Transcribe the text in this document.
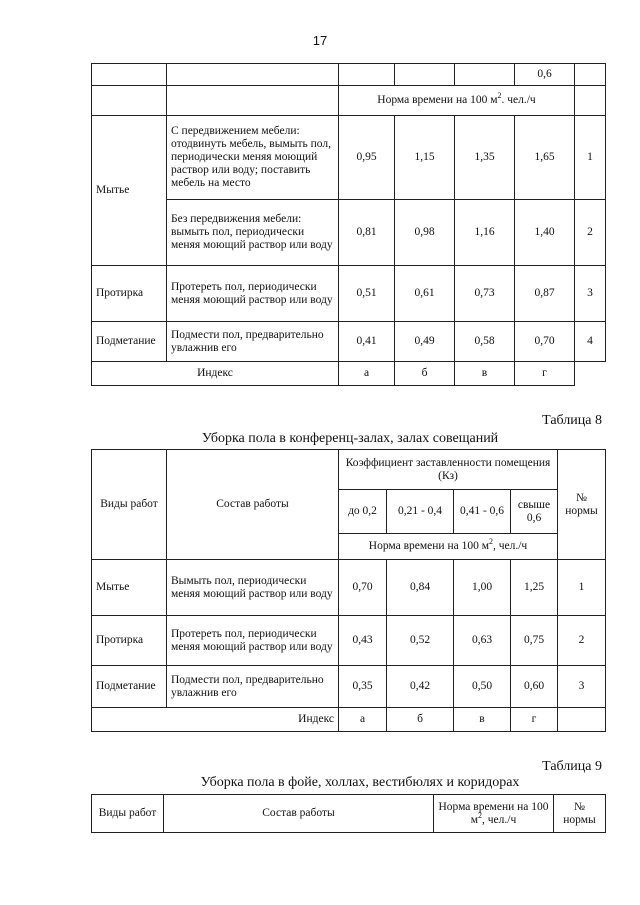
17
					0,6	
		Норма времени на 100 $м^2$. чел./ч				
Мытье	С передвижением мебели: отодвинуть мебель, вымыть пол, периодически меняя моющий раствор или воду; поставить мебель на место	0,95	1,15	1,35	1,65	1
	Без передвижения мебели: вымыть пол, периодически меняя моющий раствор или воду	0,81	0,98	1,16	1,40	2
Протирка	Протереть пол, периодически меняя моющий раствор или воду	0,51	0,61	0,73	0,87	3
Подметание	Подмести пол, предварительно увлажнив его	0,41	0,49	0,58	0,70	4
Индекс		а	б	в	г	
Таблица 8
Уборка пола в конференц-залах, залах совещаний
Виды работ	Состав работы	Коэффициент заставленности помещения (Кз)				№ нормы
		до 0,2	0,21 - 0,4	0,41 - 0,6	свыше 0,6	
		Норма времени на 100 $м^2$, чел./ч				
Мытье	Вымыть пол, периодически меняя моющий раствор или воду	0,70	0,84	1,00	1,25	1
Протирка	Протереть пол, периодически меняя моющий раствор или воду	0,43	0,52	0,63	0,75	2
Подметание	Подмести пол, предварительно увлажнив его	0,35	0,42	0,50	0,60	3
Индекс		а	б	в	г	
Таблица 9
Уборка пола в фойе, холлах, вестибюлях и коридорах
Виды работ	Состав работы	Норма времени на 100 $м^2$, чел./ч	№ нормы
